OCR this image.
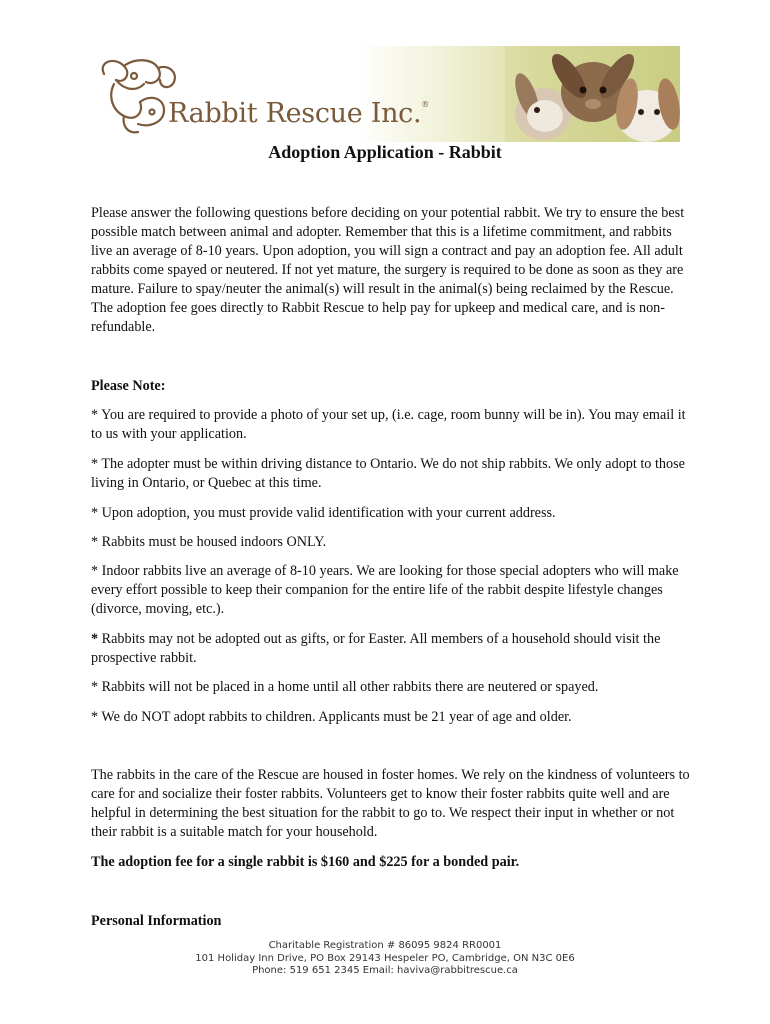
Rabbit Rescue Inc.®
Adoption Application - Rabbit

Please answer the following questions before deciding on your potential rabbit. We try to ensure the best possible match between animal and adopter. Remember that this is a lifetime commitment, and rabbits live an average of 8-10 years. Upon adoption, you will sign a contract and pay an adoption fee. All adult rabbits come spayed or neutered. If not yet mature, the surgery is required to be done as soon as they are mature. Failure to spay/neuter the animal(s) will result in the animal(s) being reclaimed by the Rescue. The adoption fee goes directly to Rabbit Rescue to help pay for upkeep and medical care, and is non-refundable.

Please Note:

* You are required to provide a photo of your set up, (i.e. cage, room bunny will be in). You may email it to us with your application.

* The adopter must be within driving distance to Ontario. We do not ship rabbits. We only adopt to those living in Ontario, or Quebec at this time.

* Upon adoption, you must provide valid identification with your current address.

* Rabbits must be housed indoors ONLY.

* Indoor rabbits live an average of 8-10 years. We are looking for those special adopters who will make every effort possible to keep their companion for the entire life of the rabbit despite lifestyle changes (divorce, moving, etc.).

* Rabbits may not be adopted out as gifts, or for Easter. All members of a household should visit the prospective rabbit.

* Rabbits will not be placed in a home until all other rabbits there are neutered or spayed.

* We do NOT adopt rabbits to children. Applicants must be 21 year of age and older.

The rabbits in the care of the Rescue are housed in foster homes. We rely on the kindness of volunteers to care for and socialize their foster rabbits. Volunteers get to know their foster rabbits quite well and are helpful in determining the best situation for the rabbit to go to. We respect their input in whether or not their rabbit is a suitable match for your household.

The adoption fee for a single rabbit is $160 and $225 for a bonded pair.

Personal Information

Charitable Registration # 86095 9824 RR0001
101 Holiday Inn Drive, PO Box 29143 Hespeler PO, Cambridge, ON N3C 0E6
Phone: 519 651 2345 Email: haviva@rabbitrescue.ca
